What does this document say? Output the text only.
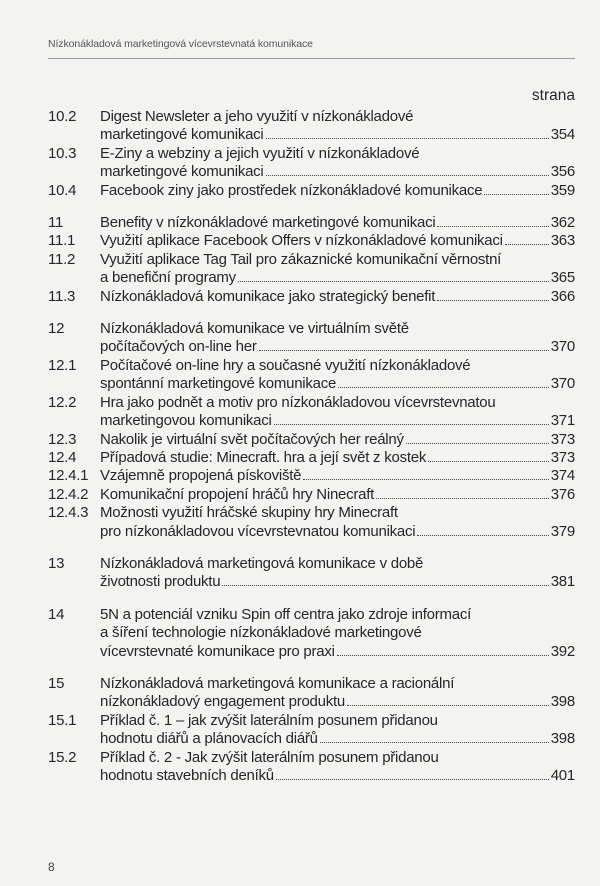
Nízkonákladová marketingová vícevrstevnatá komunikace
strana
10.2	Digest Newsleter a jeho využití v nízkonákladové
marketingové komunikaci	354
10.3	E-Ziny a webziny a jejich využití v nízkonákladové
marketingové komunikaci	356
10.4	Facebook ziny jako prostředek nízkonákladové komunikace	359
11	Benefity v nízkonákladové marketingové komunikaci	362
11.1	Využití aplikace Facebook Offers v nízkonákladové komunikaci	363
11.2	Využití aplikace Tag Tail pro zákaznické komunikační věrnostní
a benefiční programy	365
11.3	Nízkonákladová komunikace jako strategický benefit	366
12	Nízkonákladová komunikace ve virtuálním světě
počítačových on-line her	370
12.1	Počítačové on-line hry a současné využití nízkonákladové
spontánní marketingové komunikace	370
12.2	Hra jako podnět a motiv pro nízkonákladovou vícevrstevnatou
marketingovou komunikaci	371
12.3	Nakolik je virtuální svět počítačových her reálný	373
12.4	Případová studie: Minecraft. hra a její svět z kostek	373
12.4.1 Vzájemně propojená pískoviště	374
12.4.2 Komunikační propojení hráčů hry Ninecraft	376
12.4.3 Možnosti využití hráčské skupiny hry Minecraft
pro nízkonákladovou vícevrstevnatou komunikaci	379
13	Nízkonákladová marketingová komunikace v době
životnosti produktu	381
14	5N a potenciál vzniku Spin off centra jako zdroje informací
a šíření technologie nízkonákladové marketingové
vícevrstevnaté komunikace pro praxi	392
15	Nízkonákladová marketingová komunikace a racionální
nízkonákladový engagement produktu	398
15.1	Příklad č. 1 – jak zvýšit laterálním posunem přidanou
hodnotu diářů a plánovacích diářů	398
15.2	Příklad č. 2 - Jak zvýšit laterálním posunem přidanou
hodnotu stavebních deníků	401
8
